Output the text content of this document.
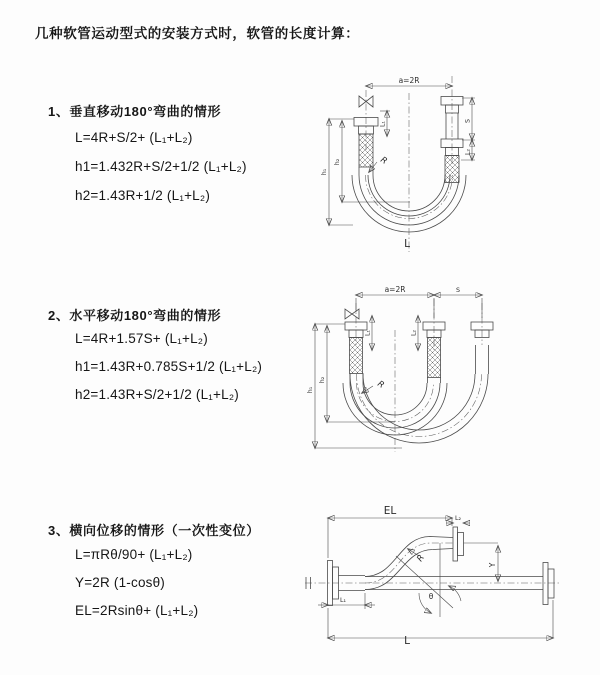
几种软管运动型式的安装方式时，软管的长度计算：
1、垂直移动180°弯曲的情形
L=4R+S/2+ (L₁+L₂)
h1=1.432R+S/2+1/2 (L₁+L₂)
h2=1.43R+1/2 (L₁+L₂)
2、水平移动180°弯曲的情形
L=4R+1.57S+ (L₁+L₂)
h1=1.43R+0.785S+1/2 (L₁+L₂)
h2=1.43R+S/2+1/2 (L₁+L₂)
3、横向位移的情形（一次性变位）
L=πRθ/90+ (L₁+L₂)
Y=2R (1-cosθ)
EL=2Rsinθ+ (L₁+L₂)
a=2R
S
L₂
L₁
h₁
h₂	R
L
a=2R	S
L₁	L₂
h₁
h₂	R
θ
EL
L₂
Y
R
L₁
L
